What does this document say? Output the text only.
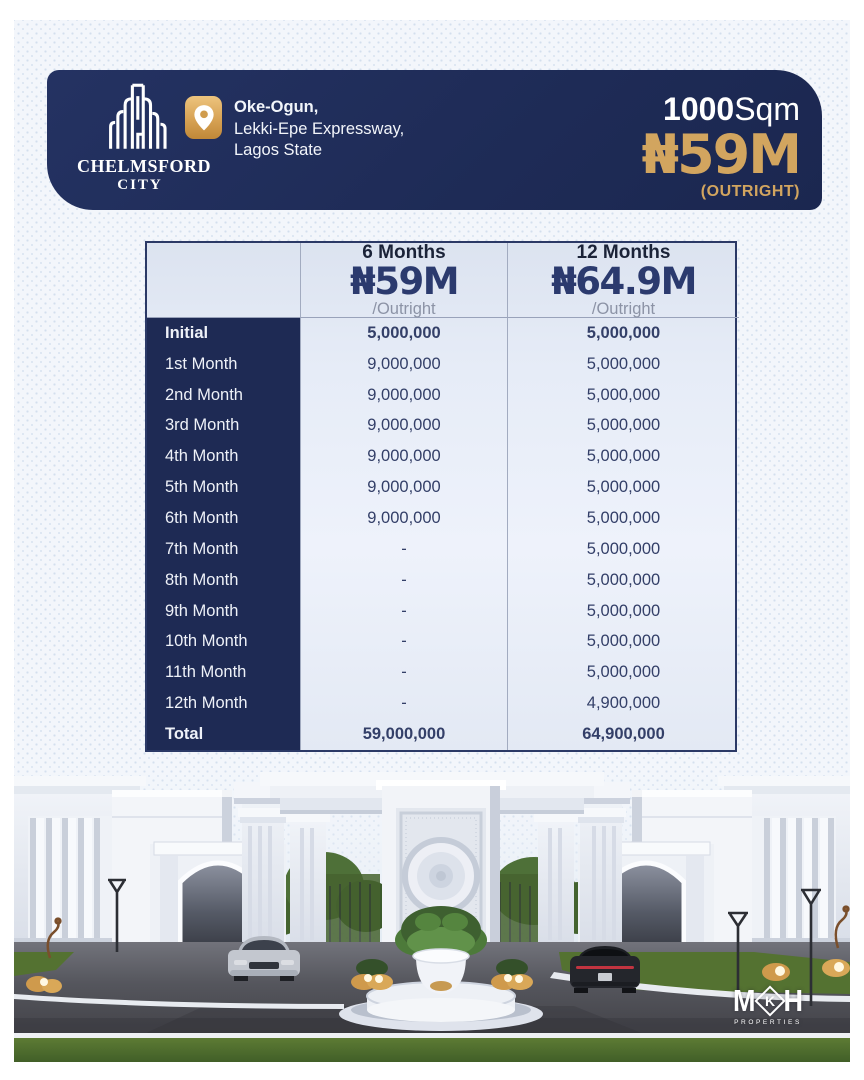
CHELMSFORD
CITY
Oke-Ogun,
Lekki-Epe Expressway,
Lagos State
1000Sqm
₦59M
(OUTRIGHT)
6 Months
₦59M
/Outright
12 Months
₦64.9M
/Outright
Initial	5,000,000	5,000,000
1st Month	9,000,000	5,000,000
2nd Month	9,000,000	5,000,000
3rd Month	9,000,000	5,000,000
4th Month	9,000,000	5,000,000
5th Month	9,000,000	5,000,000
6th Month	9,000,000	5,000,000
7th Month	-	5,000,000
8th Month	-	5,000,000
9th Month	-	5,000,000
10th Month	-	5,000,000
11th Month	-	5,000,000
12th Month	-	4,900,000
Total	59,000,000	64,900,000
M K H
PROPERTIES
